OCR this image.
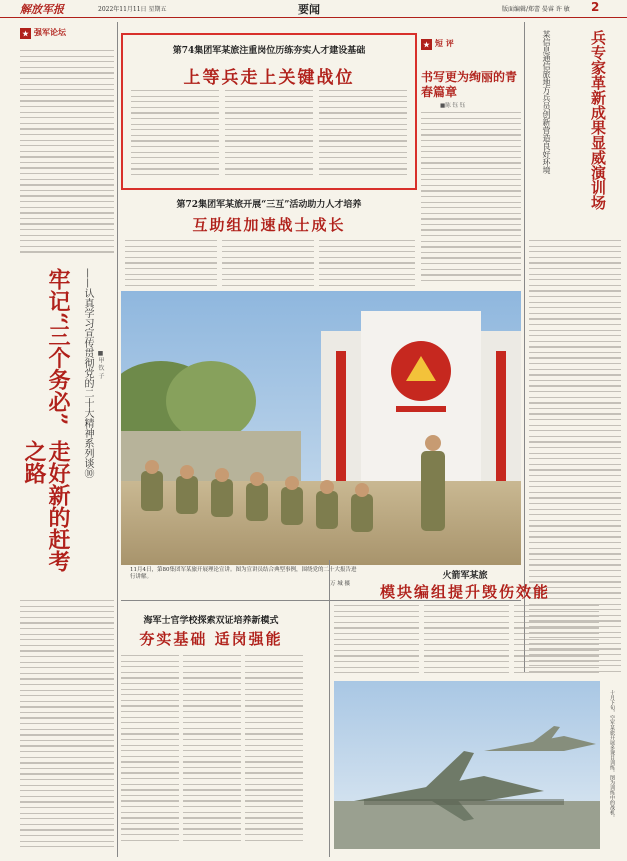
解放军报	2022年11月11日 星期五	要闻	版面编辑/郑蕾 晏睿 许 敏 2
★ 强军论坛
牢记“三个务必”
走好新的赶考之路	——认真学习宣传贯彻党的二十大精神系列谈⑩ ■甲 钦 子
第74集团军某旅注重岗位历练夯实人才建设基础
上等兵走上关键战位
第72集团军某旅开展“三互”活动助力人才培养
互助组加速战士成长
★ 短 评
书写更为绚丽的青春篇章
■陈 钰 钰	兵专家革新成果显威演训场
某信息通信旅地方兵员创新营造良好环境
11月4日，第80集团军某旅开展理论宣讲。图为宣讲员结合典型事例，围绕党的二十大报告进行讲解。
万 城 摄
海军士官学校探索双证培养新模式
夯实基础 适岗强能
火箭军某旅
模块编组提升毁伤效能
十月下旬，空军某旅开展多课目训练。图为训练中的战机。
